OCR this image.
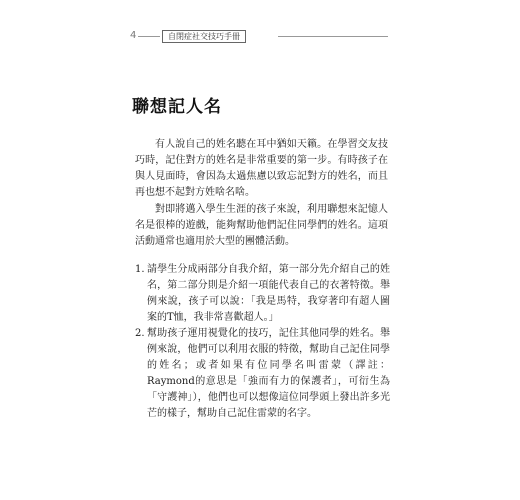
4	自閉症社交技巧手冊
聯想記人名

有人說自己的姓名聽在耳中猶如天籟。在學習交友技巧時，記住對方的姓名是非常重要的第一步。有時孩子在與人見面時，會因為太過焦慮以致忘記對方的姓名，而且再也想不起對方姓啥名啥。

對即將邁入學生生涯的孩子來說，利用聯想來記憶人名是很棒的遊戲，能夠幫助他們記住同學們的姓名。這項活動通常也適用於大型的團體活動。

1. 請學生分成兩部分自我介紹，第一部分先介紹自己的姓名，第二部分則是介紹一項能代表自己的衣著特徵。舉例來說，孩子可以說：「我是馬特，我穿著印有超人圖案的T恤，我非常喜歡超人。」
2. 幫助孩子運用視覺化的技巧，記住其他同學的姓名。舉例來說，他們可以利用衣服的特徵，幫助自己記住同學的姓名；或者如果有位同學名叫雷蒙（譯註：Raymond的意思是「強而有力的保護者」，可衍生為「守護神」），他們也可以想像這位同學頭上發出許多光芒的樣子，幫助自己記住雷蒙的名字。
